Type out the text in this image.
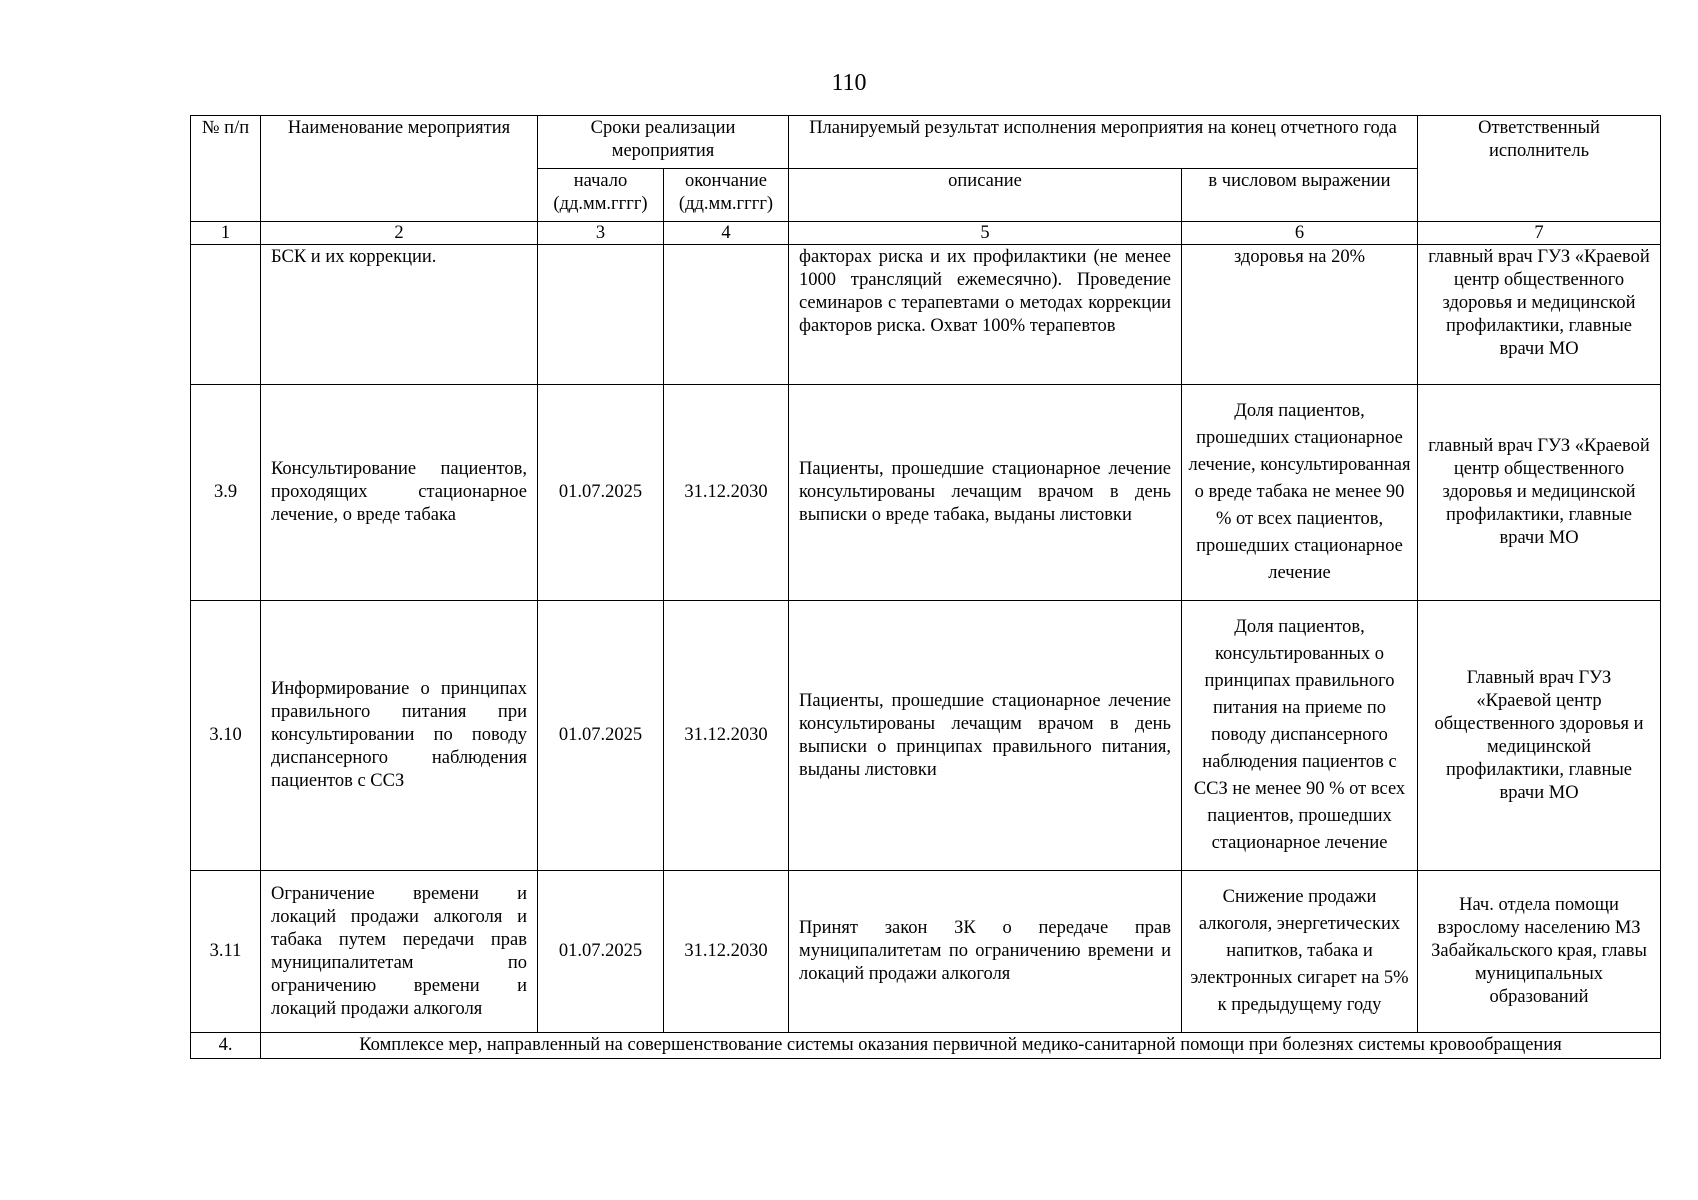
110
№ п/п	Наименование мероприятия	Сроки реализации мероприятия		Планируемый результат исполнения мероприятия на конец отчетного года		Ответственный исполнитель
		начало (дд.мм.гггг)	окончание (дд.мм.гггг)	описание	в числовом выражении	
1	2	3	4	5	6	7
	БСК и их коррекции.			факторах риска и их профилактики (не менее 1000 трансляций ежемесячно). Проведение семинаров с терапевтами о методах коррекции факторов риска. Охват 100% терапевтов	здоровья на 20%	главный врач ГУЗ «Краевой центр общественного здоровья и медицинской профилактики, главные врачи МО
3.9	Консультирование пациентов, проходящих стационарное лечение, о вреде табака	01.07.2025	31.12.2030	Пациенты, прошедшие стационарное лечение консультированы лечащим врачом в день выписки о вреде табака, выданы листовки	Доля пациентов, прошедших стационарное лечение, консультированная о вреде табака не менее 90 % от всех пациентов, прошедших стационарное лечение	главный врач ГУЗ «Краевой центр общественного здоровья и медицинской профилактики, главные врачи МО
3.10	Информирование о принципах правильного питания при консультировании по поводу диспансерного наблюдения пациентов с ССЗ	01.07.2025	31.12.2030	Пациенты, прошедшие стационарное лечение консультированы лечащим врачом в день выписки о принципах правильного питания, выданы листовки	Доля пациентов, консультированных о принципах правильного питания на приеме по поводу диспансерного наблюдения пациентов с ССЗ не менее 90 % от всех пациентов, прошедших стационарное лечение	Главный врач ГУЗ «Краевой центр общественного здоровья и медицинской профилактики, главные врачи МО
3.11	Ограничение времени и локаций продажи алкоголя и табака путем передачи прав муниципалитетам по ограничению времени и локаций продажи алкоголя	01.07.2025	31.12.2030	Принят закон ЗК о передаче прав муниципалитетам по ограничению времени и локаций продажи алкоголя	Снижение продажи алкоголя, энергетических напитков, табака и электронных сигарет на 5% к предыдущему году	Нач. отдела помощи взрослому населению МЗ Забайкальского края, главы муниципальных образований
4.	Комплексе мер, направленный на совершенствование системы оказания первичной медико-санитарной помощи при болезнях системы кровообращения					
